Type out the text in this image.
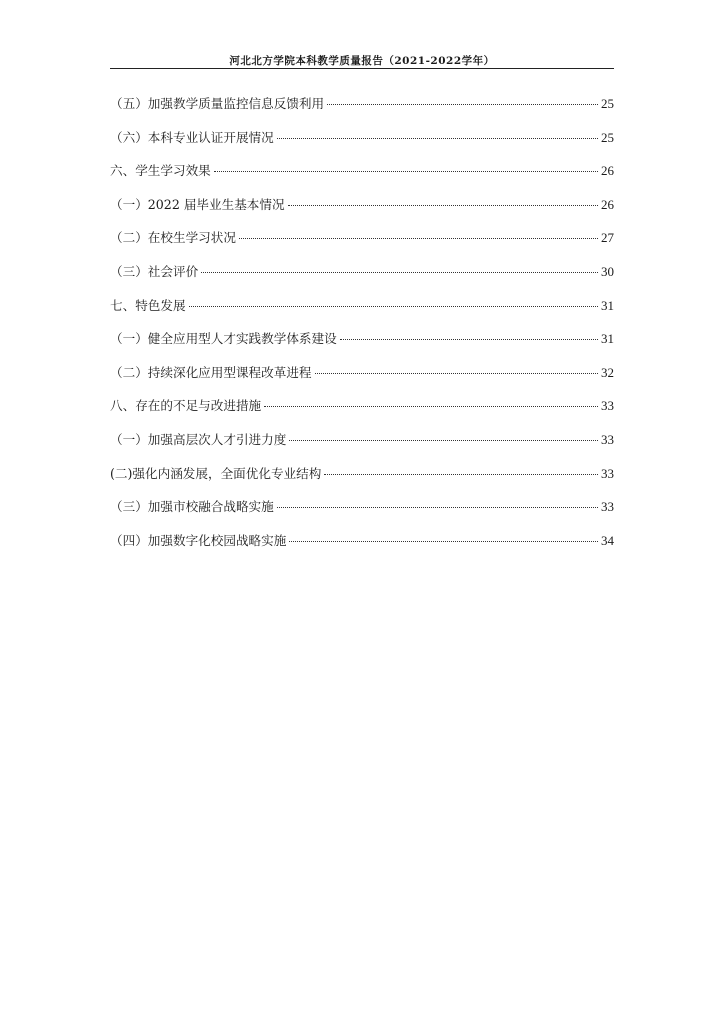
河北北方学院本科教学质量报告（2021-2022学年）
（五）加强教学质量监控信息反馈利用	25
（六）本科专业认证开展情况	25
六、学生学习效果	26
（一）2022 届毕业生基本情况	26
（二）在校生学习状况	27
（三）社会评价	30
七、特色发展	31
（一）健全应用型人才实践教学体系建设	31
（二）持续深化应用型课程改革进程	32
八、存在的不足与改进措施	33
（一）加强高层次人才引进力度	33
(二)强化内涵发展，全面优化专业结构	33
（三）加强市校融合战略实施	33
（四）加强数字化校园战略实施	34
